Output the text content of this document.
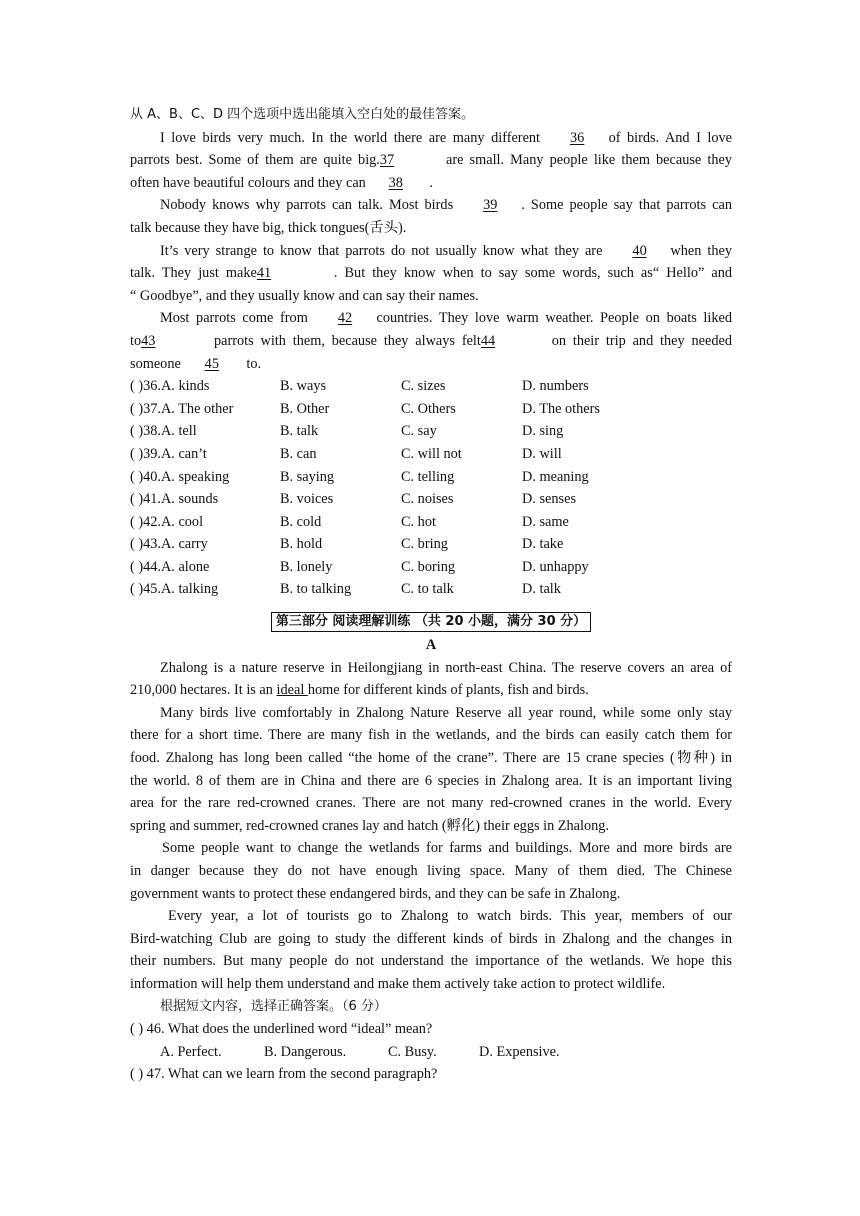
从 A、B、C、D 四个选项中选出能填入空白处的最佳答案。

I love birds very much. In the world there are many different 36 of birds. And I love

parrots best. Some of them are quite big.37	are small. Many people like them because they

often have beautiful colours and they can 38 .

Nobody knows why parrots can talk. Most birds 39 . Some people say that parrots can

talk because they have big, thick tongues(舌头).

It’s very strange to know that parrots do not usually know what they are 40 when they

talk. They just make41	. But they know when to say some words, such as“ Hello” and

“ Goodbye”, and they usually know and can say their names.

Most parrots come from 42 countries. They love warm weather. People on boats liked

to43	parrots with them, because they always felt44	on their trip and they needed

someone 45 to.

( )36.A. kinds	B. ways	C. sizes	D. numbers
( )37.A. The other	B. Other	C. Others	D. The others
( )38.A. tell	B. talk	C. say	D. sing
( )39.A. can’t	B. can	C. will not	D. will
( )40.A. speaking	B. saying	C. telling	D. meaning
( )41.A. sounds	B. voices	C. noises	D. senses
( )42.A. cool	B. cold	C. hot	D. same
( )43.A. carry	B. hold	C. bring	D. take
( )44.A. alone	B. lonely	C. boring	D. unhappy
( )45.A. talking	B. to talking	C. to talk	D. talk
第三部分 阅读理解训练 （共 20 小题，满分 30 分）

A

Zhalong is a nature reserve in Heilongjiang in north-east China. The reserve covers an area of

210,000 hectares. It is an ideal home for different kinds of plants, fish and birds.

Many birds live comfortably in Zhalong Nature Reserve all year round, while some only stay

there for a short time. There are many fish in the wetlands, and the birds can easily catch them for

food. Zhalong has long been called “the home of the crane”. There are 15 crane species (物种) in

the world. 8 of them are in China and there are 6 species in Zhalong area. It is an important living

area for the rare red-crowned cranes. There are not many red-crowned cranes in the world. Every

spring and summer, red-crowned cranes lay and hatch (孵化) their eggs in Zhalong.

Some people want to change the wetlands for farms and buildings. More and more birds are

in danger because they do not have enough living space. Many of them died. The Chinese

government wants to protect these endangered birds, and they can be safe in Zhalong.

Every year, a lot of tourists go to Zhalong to watch birds. This year, members of our

Bird-watching Club are going to study the different kinds of birds in Zhalong and the changes in

their numbers. But many people do not understand the importance of the wetlands. We hope this

information will help them understand and make them actively take action to protect wildlife.

根据短文内容，选择正确答案。（6 分）

( ) 46. What does the underlined word “ideal” mean?

A. Perfect.	B. Dangerous.	C. Busy.	D. Expensive.

( ) 47. What can we learn from the second paragraph?
